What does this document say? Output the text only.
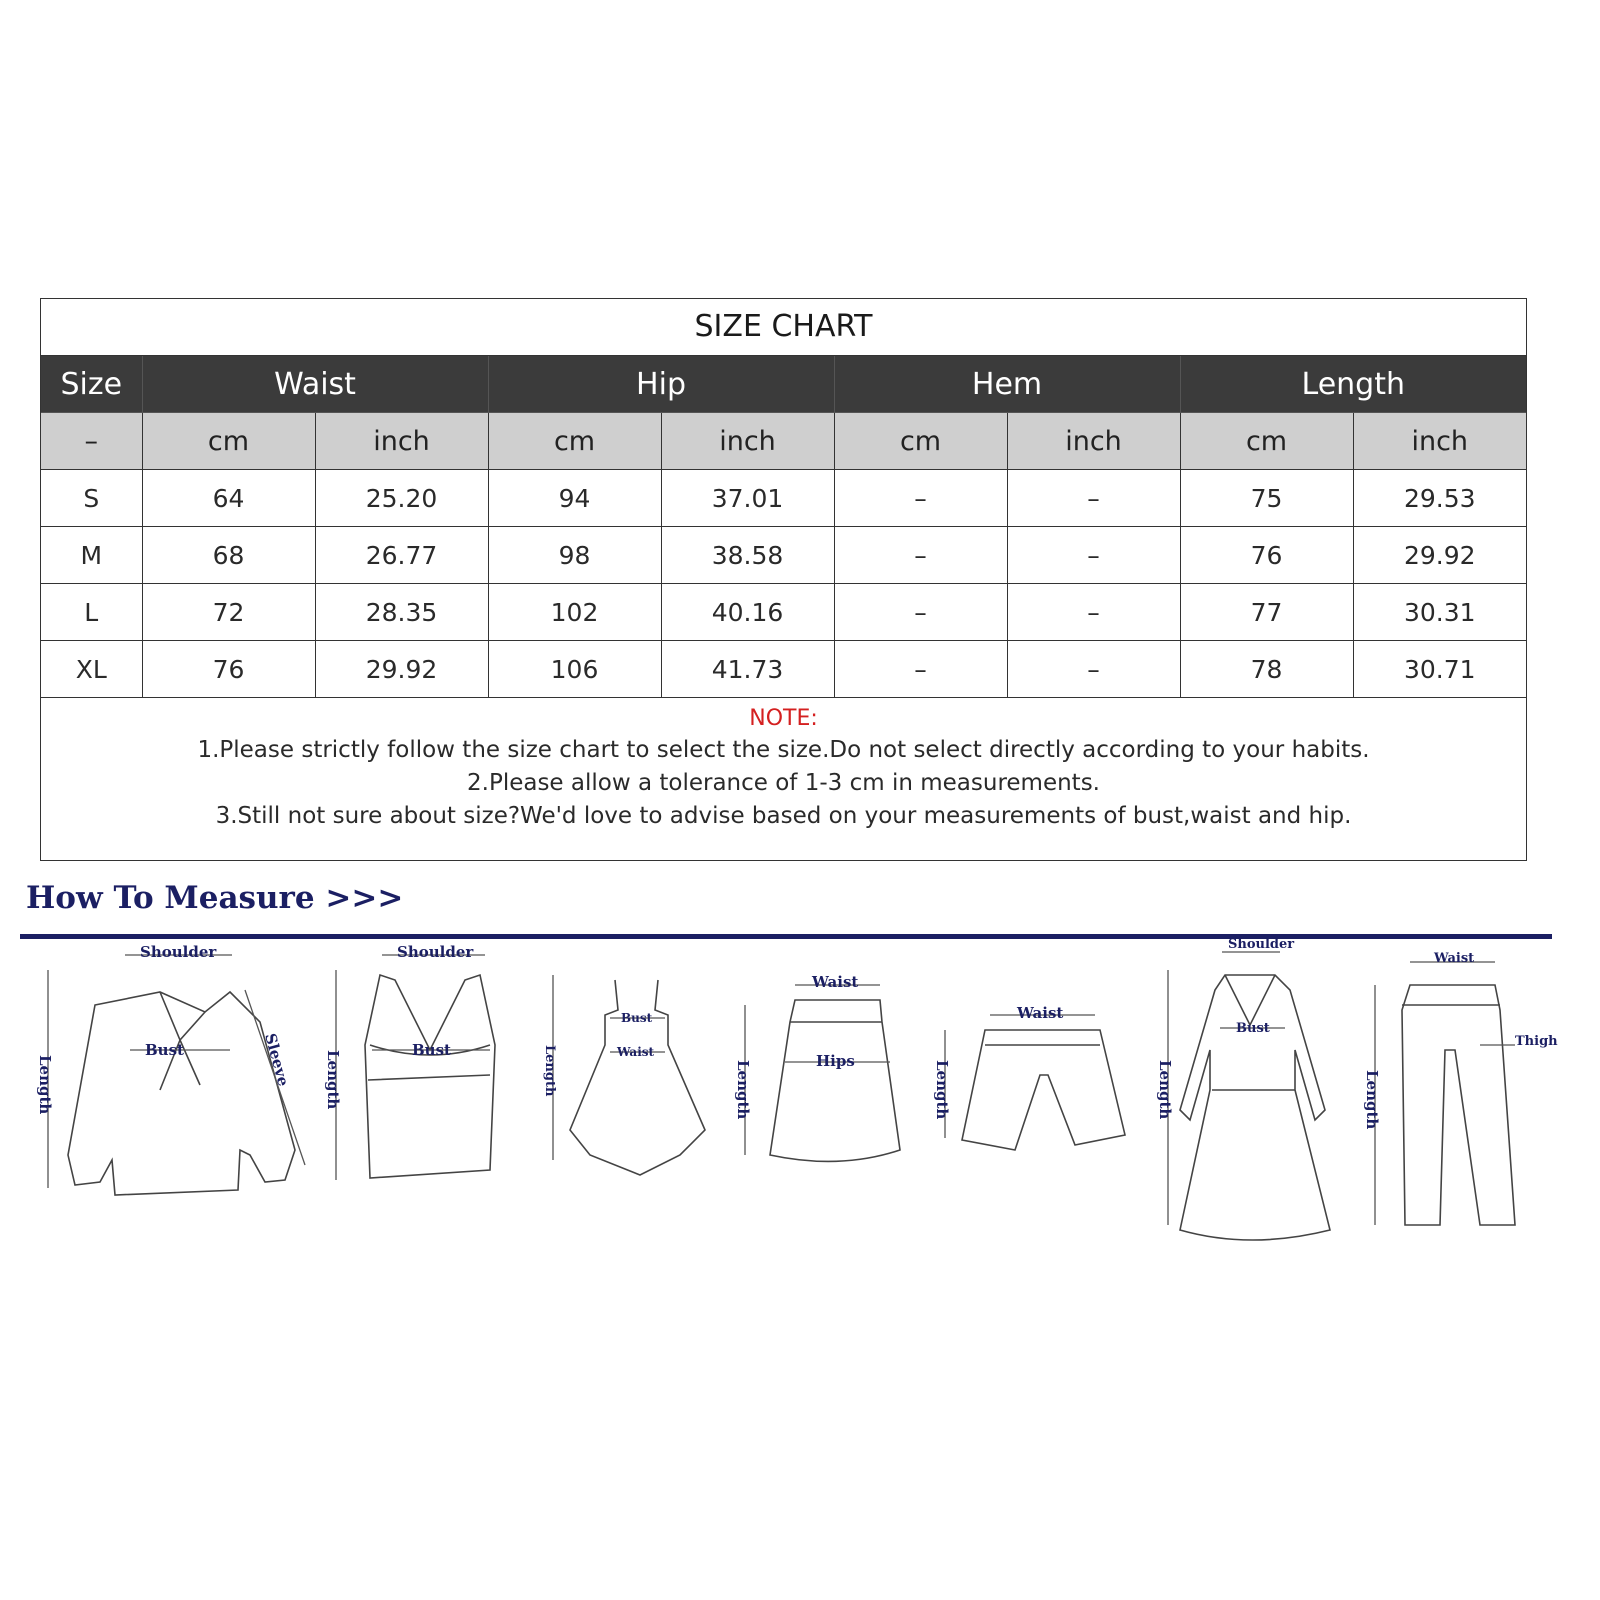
SIZE CHART
Size	Waist		Hip		Hem		Length	
–	cm	inch	cm	inch	cm	inch	cm	inch
S	64	25.20	94	37.01	–	–	75	29.53
M	68	26.77	98	38.58	–	–	76	29.92
L	72	28.35	102	40.16	–	–	77	30.31
XL	76	29.92	106	41.73	–	–	78	30.71
NOTE:
1.Please strictly follow the size chart to select the size.Do not select directly according to your habits.
2.Please allow a tolerance of 1-3 cm in measurements.
3.Still not sure about size?We'd love to advise based on your measurements of bust,waist and hip.
How To Measure >>>
Shoulder
Bust
Length	Sleeve
Shoulder
Bust
Length
Bust
Waist
Length
Waist
Hips
Length
Waist
Length
Shoulder
Bust
Length
Waist
Thigh
Length
